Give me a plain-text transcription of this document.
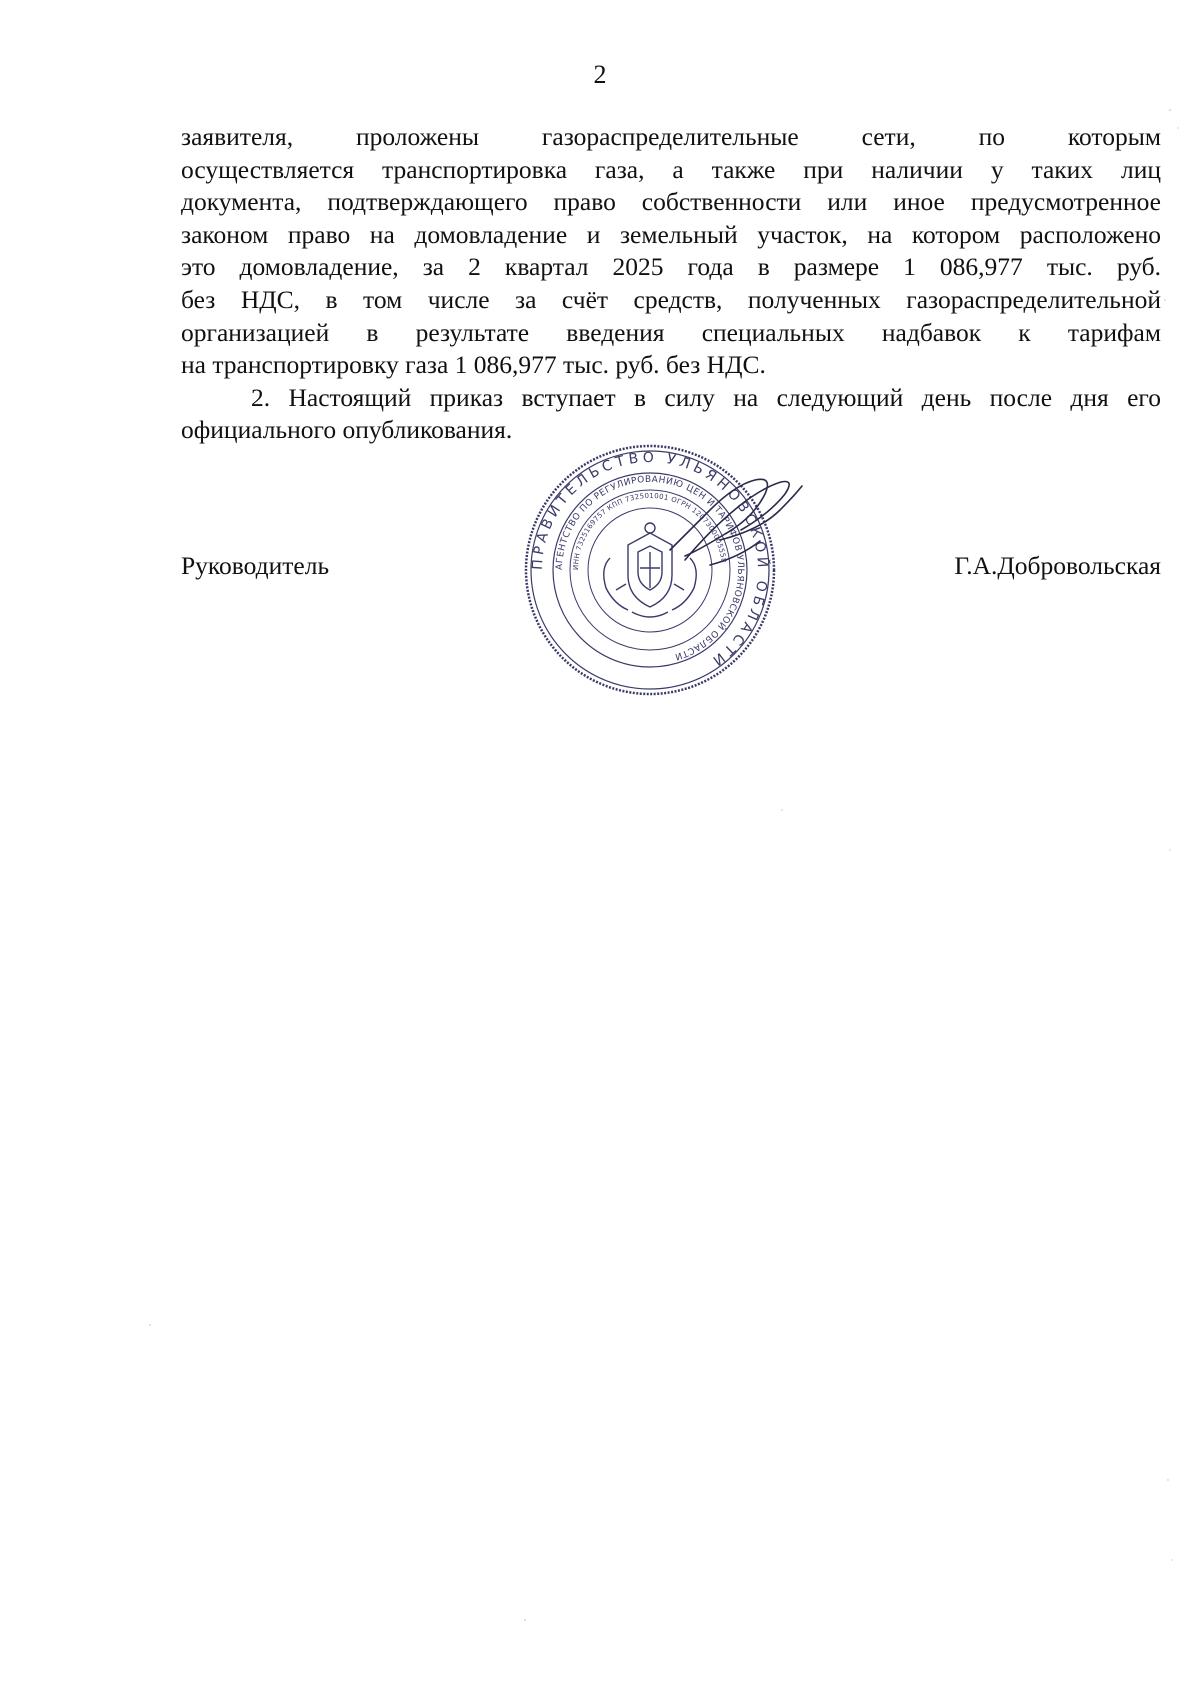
2
заявителя, проложены газораспределительные сети, по которым
осуществляется транспортировка газа, а также при наличии у таких лиц
документа, подтверждающего право собственности или иное предусмотренное
законом право на домовладение и земельный участок, на котором расположено
это домовладение, за 2 квартал 2025 года в размере 1 086,977 тыс. руб.
без НДС, в том числе за счёт средств, полученных газораспределительной
организацией в результате введения специальных надбавок к тарифам
на транспортировку газа 1 086,977 тыс. руб. без НДС.
2. Настоящий приказ вступает в силу на следующий день после дня его
официального опубликования.
Руководитель	Г.А.Добровольская
ПРАВИТЕЛЬСТВО УЛЬЯНОВСКОЙ ОБЛАСТИ
АГЕНТСТВО ПО РЕГУЛИРОВАНИЮ ЦЕН И ТАРИФОВ УЛЬЯНОВСКОЙ ОБЛАСТИ
ИНН 7325169757 КПП 732501001 ОГРН 1207300005558
